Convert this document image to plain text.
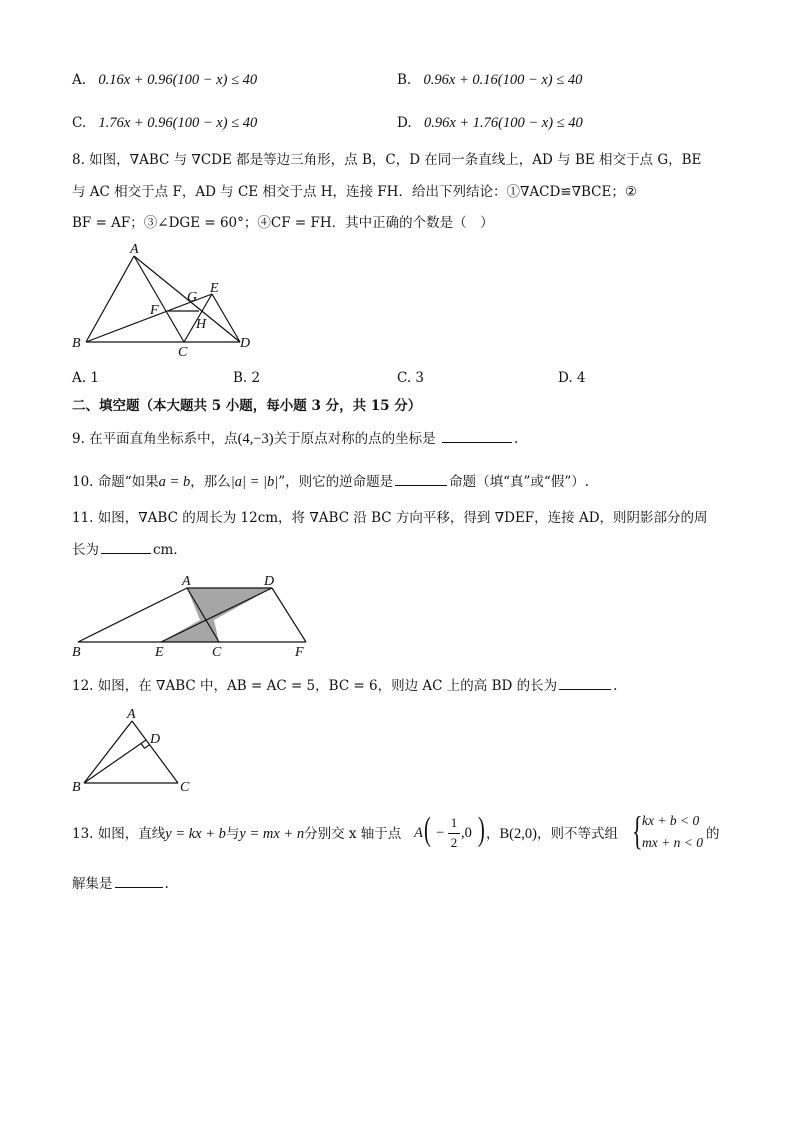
A. 0.16x + 0.96(100 − x) ≤ 40	B. 0.96x + 0.16(100 − x) ≤ 40
C. 1.76x + 0.96(100 − x) ≤ 40	D. 0.96x + 1.76(100 − x) ≤ 40
8. 如图，∇ABC 与 ∇CDE 都是等边三角形，点 B，C，D 在同一条直线上，AD 与 BE 相交于点 G，BE
与 AC 相交于点 F，AD 与 CE 相交于点 H，连接 FH．给出下列结论：①∇ACD≌∇BCE；②
BF = AF；③∠DGE = 60°；④CF = FH．其中正确的个数是（　）
A
B
C
D
E
F
G
H
A. 1	B. 2	C. 3	D. 4
二、填空题（本大题共 5 小题，每小题 3 分，共 15 分）
9. 在平面直角坐标系中，点(4,−3)关于原点对称的点的坐标是	.
10. 命题“如果a = b，那么|a| = |b|”，则它的逆命题是	命题（填“真”或“假”）.
11. 如图，∇ABC 的周长为 12cm，将 ∇ABC 沿 BC 方向平移，得到 ∇DEF，连接 AD，则阴影部分的周
长为	cm．
A	D
B	E	C	F
12. 如图，在 ∇ABC 中，AB = AC = 5，BC = 6，则边 AC 上的高 BD 的长为	.
A
D
B	C
13. 如图，直线y = kx + b与y = mx + n分别交 x 轴于点 A ( −
1
2
,0 ) ，B(2,0)，则不等式组 { kx + b < 0
mx + n < 0
的
解集是	.
